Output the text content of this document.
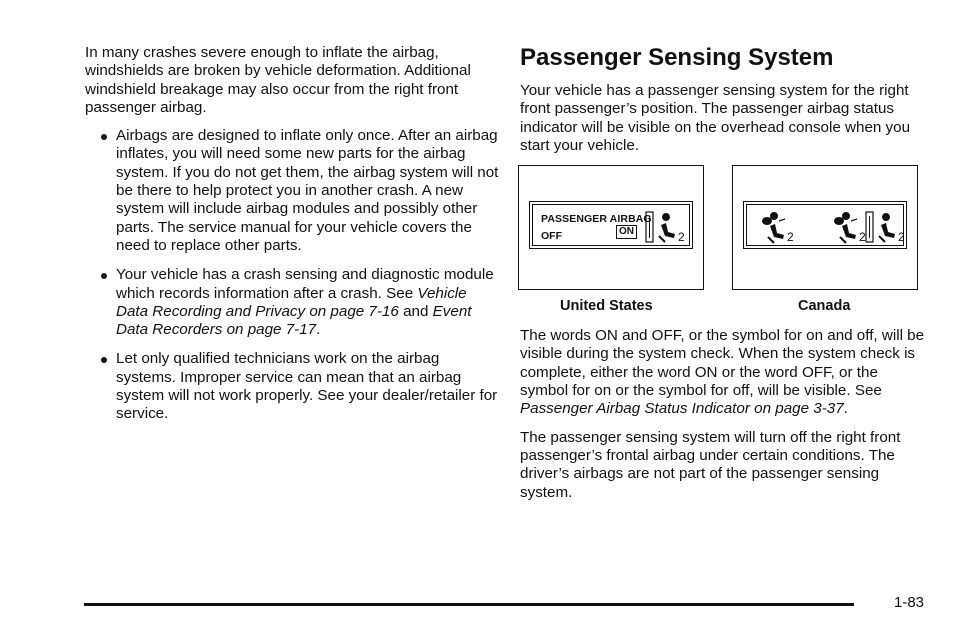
In many crashes severe enough to inflate the airbag, windshields are broken by vehicle deformation. Additional windshield breakage may also occur from the right front passenger airbag.

Airbags are designed to inflate only once. After an airbag inflates, you will need some new parts for the airbag system. If you do not get them, the airbag system will not be there to help protect you in another crash. A new system will include airbag modules and possibly other parts. The service manual for your vehicle covers the need to replace other parts.
Your vehicle has a crash sensing and diagnostic module which records information after a crash. See Vehicle Data Recording and Privacy on page 7-16 and Event Data Recorders on page 7-17.
Let only qualified technicians work on the airbag systems. Improper service can mean that an airbag system will not work properly. See your dealer/retailer for service.
Passenger Sensing System

Your vehicle has a passenger sensing system for the right front passenger’s position. The passenger airbag status indicator will be visible on the overhead console when you start your vehicle.

PASSENGER AIRBAG
OFF	ON	2	2	2	2
United States	Canada

The words ON and OFF, or the symbol for on and off, will be visible during the system check. When the system check is complete, either the word ON or the word OFF, or the symbol for on or the symbol for off, will be visible. See Passenger Airbag Status Indicator on page 3-37.

The passenger sensing system will turn off the right front passenger’s frontal airbag under certain conditions. The driver’s airbags are not part of the passenger sensing system.

1-83
